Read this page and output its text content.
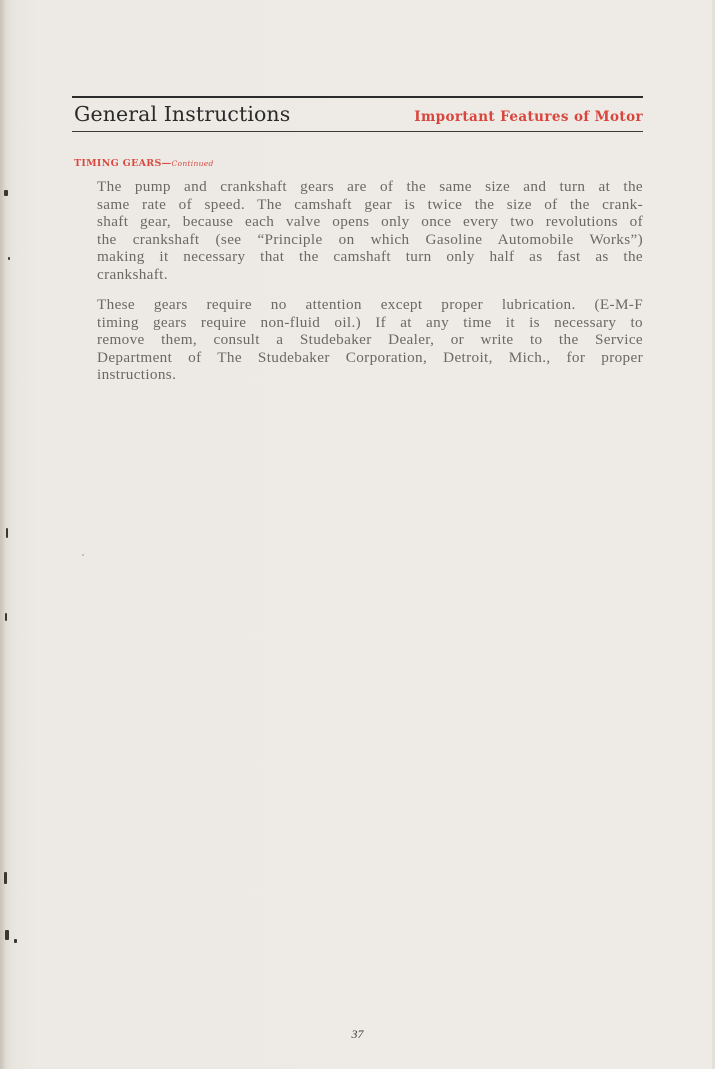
General Instructions	Important Features of Motor
TIMING GEARS—Continued
The pump and crankshaft gears are of the same size and turn at the
same rate of speed. The camshaft gear is twice the size of the crank-
shaft gear, because each valve opens only once every two revolutions of
the crankshaft (see “Principle on which Gasoline Automobile Works”)
making it necessary that the camshaft turn only half as fast as the
crankshaft.
These gears require no attention except proper lubrication. (E-M-F
timing gears require non-fluid oil.) If at any time it is necessary to
remove them, consult a Studebaker Dealer, or write to the Service
Department of The Studebaker Corporation, Detroit, Mich., for proper
instructions.
37
